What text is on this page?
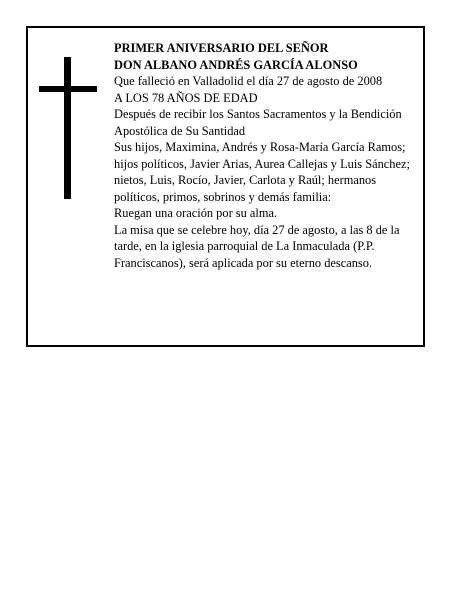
PRIMER ANIVERSARIO DEL SEÑOR

DON ALBANO ANDRÉS GARCÍA ALONSO

Que falleció en Valladolid el día 27 de agosto de 2008

A LOS 78 AÑOS DE EDAD

Después de recibir los Santos Sacramentos y la Bendición Apostólica de Su Santidad

Sus hijos, Maximina, Andrés y Rosa-María García Ramos; hijos políticos, Javier Arias, Aurea Callejas y Luis Sánchez; nietos, Luis, Rocío, Javier, Carlota y Raúl; hermanos políticos, primos, sobrinos y demás familia:

Ruegan una oración por su alma.

La misa que se celebre hoy, día 27 de agosto, a las 8 de la tarde, en la iglesia parroquial de La Inmaculada (P.P. Franciscanos), será aplicada por su eterno descanso.
